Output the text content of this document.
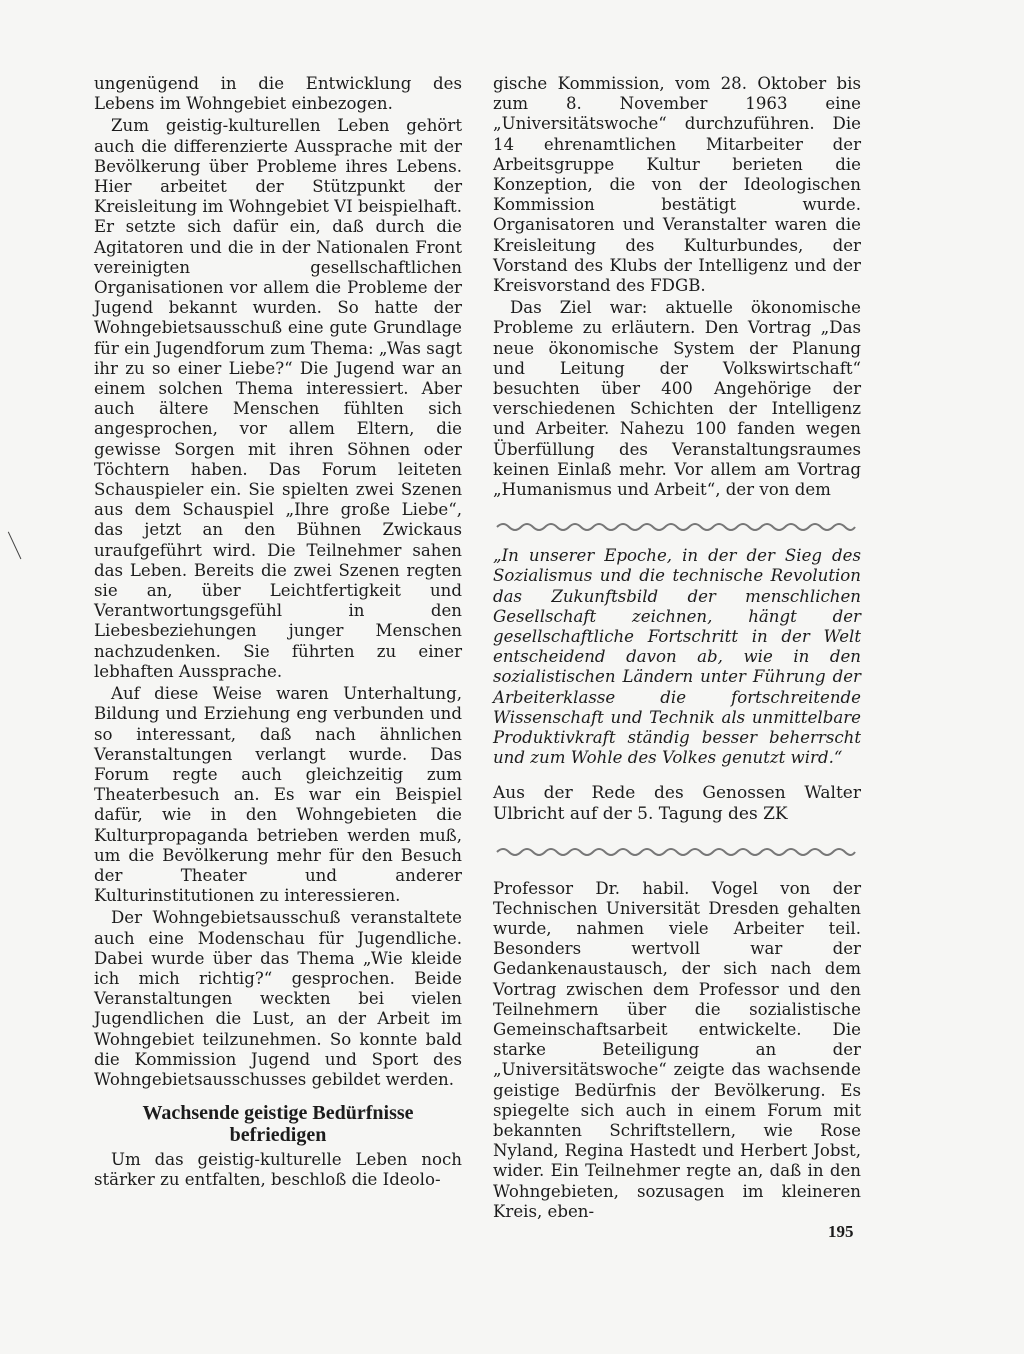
ungenügend in die Entwicklung des Lebens im Wohngebiet einbezogen.

Zum geistig-kulturellen Leben gehört auch die differenzierte Aussprache mit der Bevölkerung über Probleme ihres Lebens. Hier arbeitet der Stützpunkt der Kreisleitung im Wohngebiet VI beispielhaft. Er setzte sich dafür ein, daß durch die Agitatoren und die in der Nationalen Front vereinigten gesellschaftlichen Organisationen vor allem die Probleme der Jugend bekannt wurden. So hatte der Wohngebietsausschuß eine gute Grundlage für ein Jugendforum zum Thema: „Was sagt ihr zu so einer Liebe?“ Die Jugend war an einem solchen Thema interessiert. Aber auch ältere Menschen fühlten sich angesprochen, vor allem Eltern, die gewisse Sorgen mit ihren Söhnen oder Töchtern haben. Das Forum leiteten Schauspieler ein. Sie spielten zwei Szenen aus dem Schauspiel „Ihre große Liebe“, das jetzt an den Bühnen Zwickaus uraufgeführt wird. Die Teilnehmer sahen das Leben. Bereits die zwei Szenen regten sie an, über Leichtfertigkeit und Verantwortungsgefühl in den Liebesbeziehungen junger Menschen nachzudenken. Sie führten zu einer lebhaften Aussprache.

Auf diese Weise waren Unterhaltung, Bildung und Erziehung eng verbunden und so interessant, daß nach ähnlichen Veranstaltungen verlangt wurde. Das Forum regte auch gleichzeitig zum Theaterbesuch an. Es war ein Beispiel dafür, wie in den Wohngebieten die Kulturpropaganda betrieben werden muß, um die Bevölkerung mehr für den Besuch der Theater und anderer Kulturinstitutionen zu interessieren.

Der Wohngebietsausschuß veranstaltete auch eine Modenschau für Jugendliche. Dabei wurde über das Thema „Wie kleide ich mich richtig?“ gesprochen. Beide Veranstaltungen weckten bei vielen Jugendlichen die Lust, an der Arbeit im Wohngebiet teilzunehmen. So konnte bald die Kommission Jugend und Sport des Wohngebietsausschusses gebildet werden.

Wachsende geistige Bedürfnisse befriedigen

Um das geistig-kulturelle Leben noch stärker zu entfalten, beschloß die Ideolo-

gische Kommission, vom 28. Oktober bis zum 8. November 1963 eine „Universitätswoche“ durchzuführen. Die 14 ehrenamtlichen Mitarbeiter der Arbeitsgruppe Kultur berieten die Konzeption, die von der Ideologischen Kommission bestätigt wurde. Organisatoren und Veranstalter waren die Kreisleitung des Kulturbundes, der Vorstand des Klubs der Intelligenz und der Kreisvorstand des FDGB.

Das Ziel war: aktuelle ökonomische Probleme zu erläutern. Den Vortrag „Das neue ökonomische System der Planung und Leitung der Volkswirtschaft“ besuchten über 400 Angehörige der verschiedenen Schichten der Intelligenz und Arbeiter. Nahezu 100 fanden wegen Überfüllung des Veranstaltungsraumes keinen Einlaß mehr. Vor allem am Vortrag „Humanismus und Arbeit“, der von dem

„In unserer Epoche, in der der Sieg des Sozialismus und die technische Revolution das Zukunftsbild der menschlichen Gesellschaft zeichnen, hängt der gesellschaftliche Fortschritt in der Welt entscheidend davon ab, wie in den sozialistischen Ländern unter Führung der Arbeiterklasse die fortschreitende Wissenschaft und Technik als unmittelbare Produktivkraft ständig besser beherrscht und zum Wohle des Volkes genutzt wird.“
Aus der Rede des Genossen Walter Ulbricht auf der 5. Tagung des ZK

Professor Dr. habil. Vogel von der Technischen Universität Dresden gehalten wurde, nahmen viele Arbeiter teil. Besonders wertvoll war der Gedankenaustausch, der sich nach dem Vortrag zwischen dem Professor und den Teilnehmern über die sozialistische Gemeinschaftsarbeit entwickelte. Die starke Beteiligung an der „Universitätswoche“ zeigte das wachsende geistige Bedürfnis der Bevölkerung. Es spiegelte sich auch in einem Forum mit bekannten Schriftstellern, wie Rose Nyland, Regina Hastedt und Herbert Jobst, wider. Ein Teilnehmer regte an, daß in den Wohngebieten, sozusagen im kleineren Kreis, eben-

195
